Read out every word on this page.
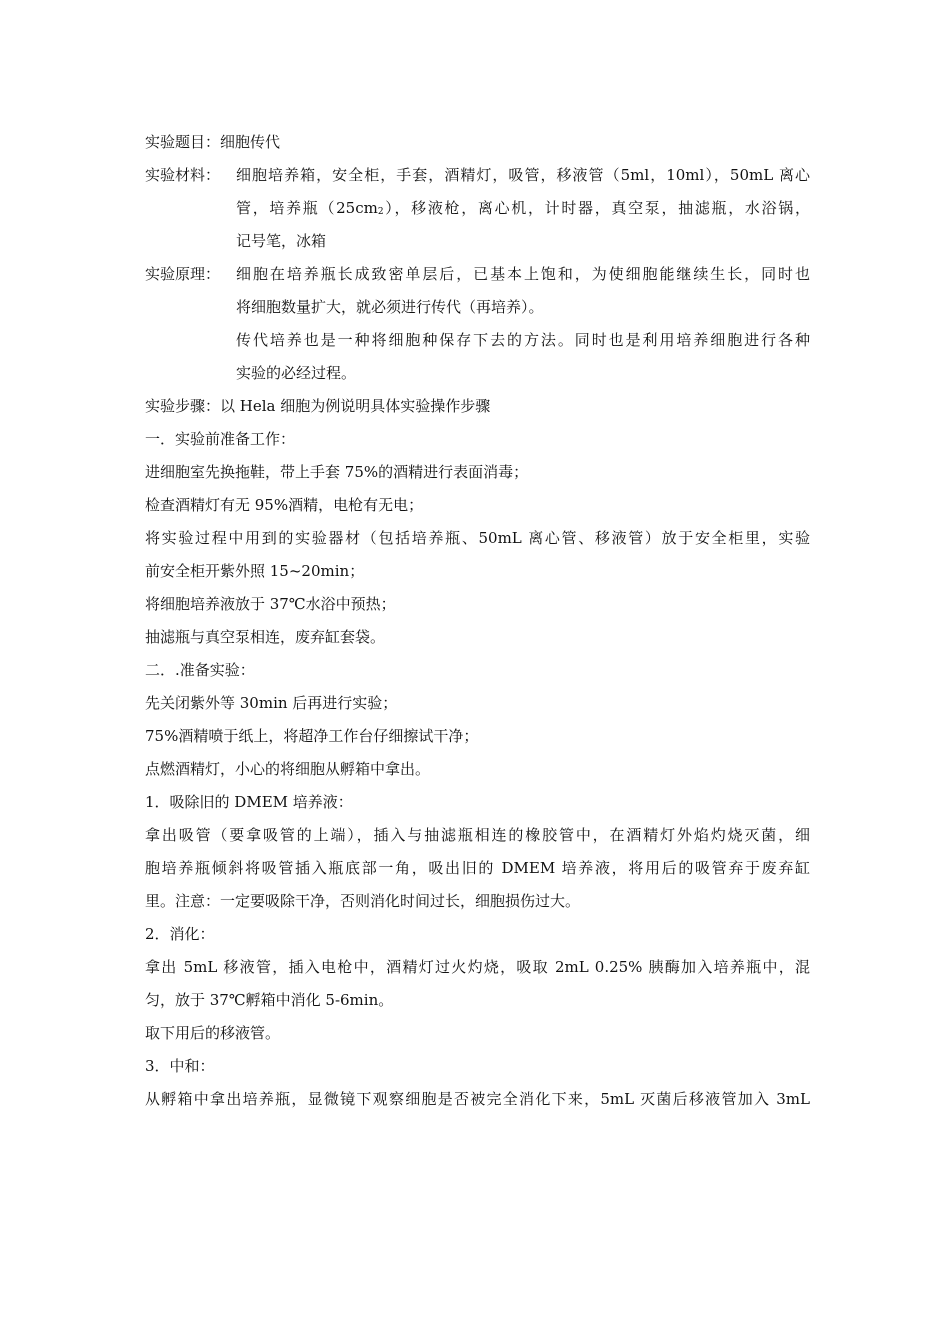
实验题目：细胞传代
实验材料：	细胞培养箱，安全柜，手套，酒精灯，吸管，移液管（5ml，10ml），50mL 离心
管，培养瓶$(25cm_2)$，移液枪，离心机，计时器，真空泵，抽滤瓶，水浴锅，
记号笔，冰箱
实验原理：	细胞在培养瓶长成致密单层后，已基本上饱和，为使细胞能继续生长，同时也
将细胞数量扩大，就必须进行传代（再培养）。
传代培养也是一种将细胞种保存下去的方法。同时也是利用培养细胞进行各种
实验的必经过程。
实验步骤：以 Hela 细胞为例说明具体实验操作步骤
一．实验前准备工作：
进细胞室先换拖鞋，带上手套 75%的酒精进行表面消毒；
检查酒精灯有无 95%酒精，电枪有无电；
将实验过程中用到的实验器材（包括培养瓶、50mL 离心管、移液管）放于安全柜里，实验
前安全柜开紫外照 15~20min；
将细胞培养液放于 37℃水浴中预热；
抽滤瓶与真空泵相连，废弃缸套袋。
二．.准备实验：
先关闭紫外等 30min 后再进行实验；
75%酒精喷于纸上，将超净工作台仔细擦试干净；
点燃酒精灯，小心的将细胞从孵箱中拿出。
1．吸除旧的 DMEM 培养液：
拿出吸管（要拿吸管的上端），插入与抽滤瓶相连的橡胶管中，在酒精灯外焰灼烧灭菌，细
胞培养瓶倾斜将吸管插入瓶底部一角，吸出旧的 DMEM 培养液，将用后的吸管弃于废弃缸
里。注意：一定要吸除干净，否则消化时间过长，细胞损伤过大。
2．消化：
拿出 5mL 移液管，插入电枪中，酒精灯过火灼烧，吸取 2mL 0.25% 胰酶加入培养瓶中，混
匀，放于 37℃孵箱中消化 5-6min。
取下用后的移液管。
3．中和：
从孵箱中拿出培养瓶，显微镜下观察细胞是否被完全消化下来，5mL 灭菌后移液管加入 3mL
